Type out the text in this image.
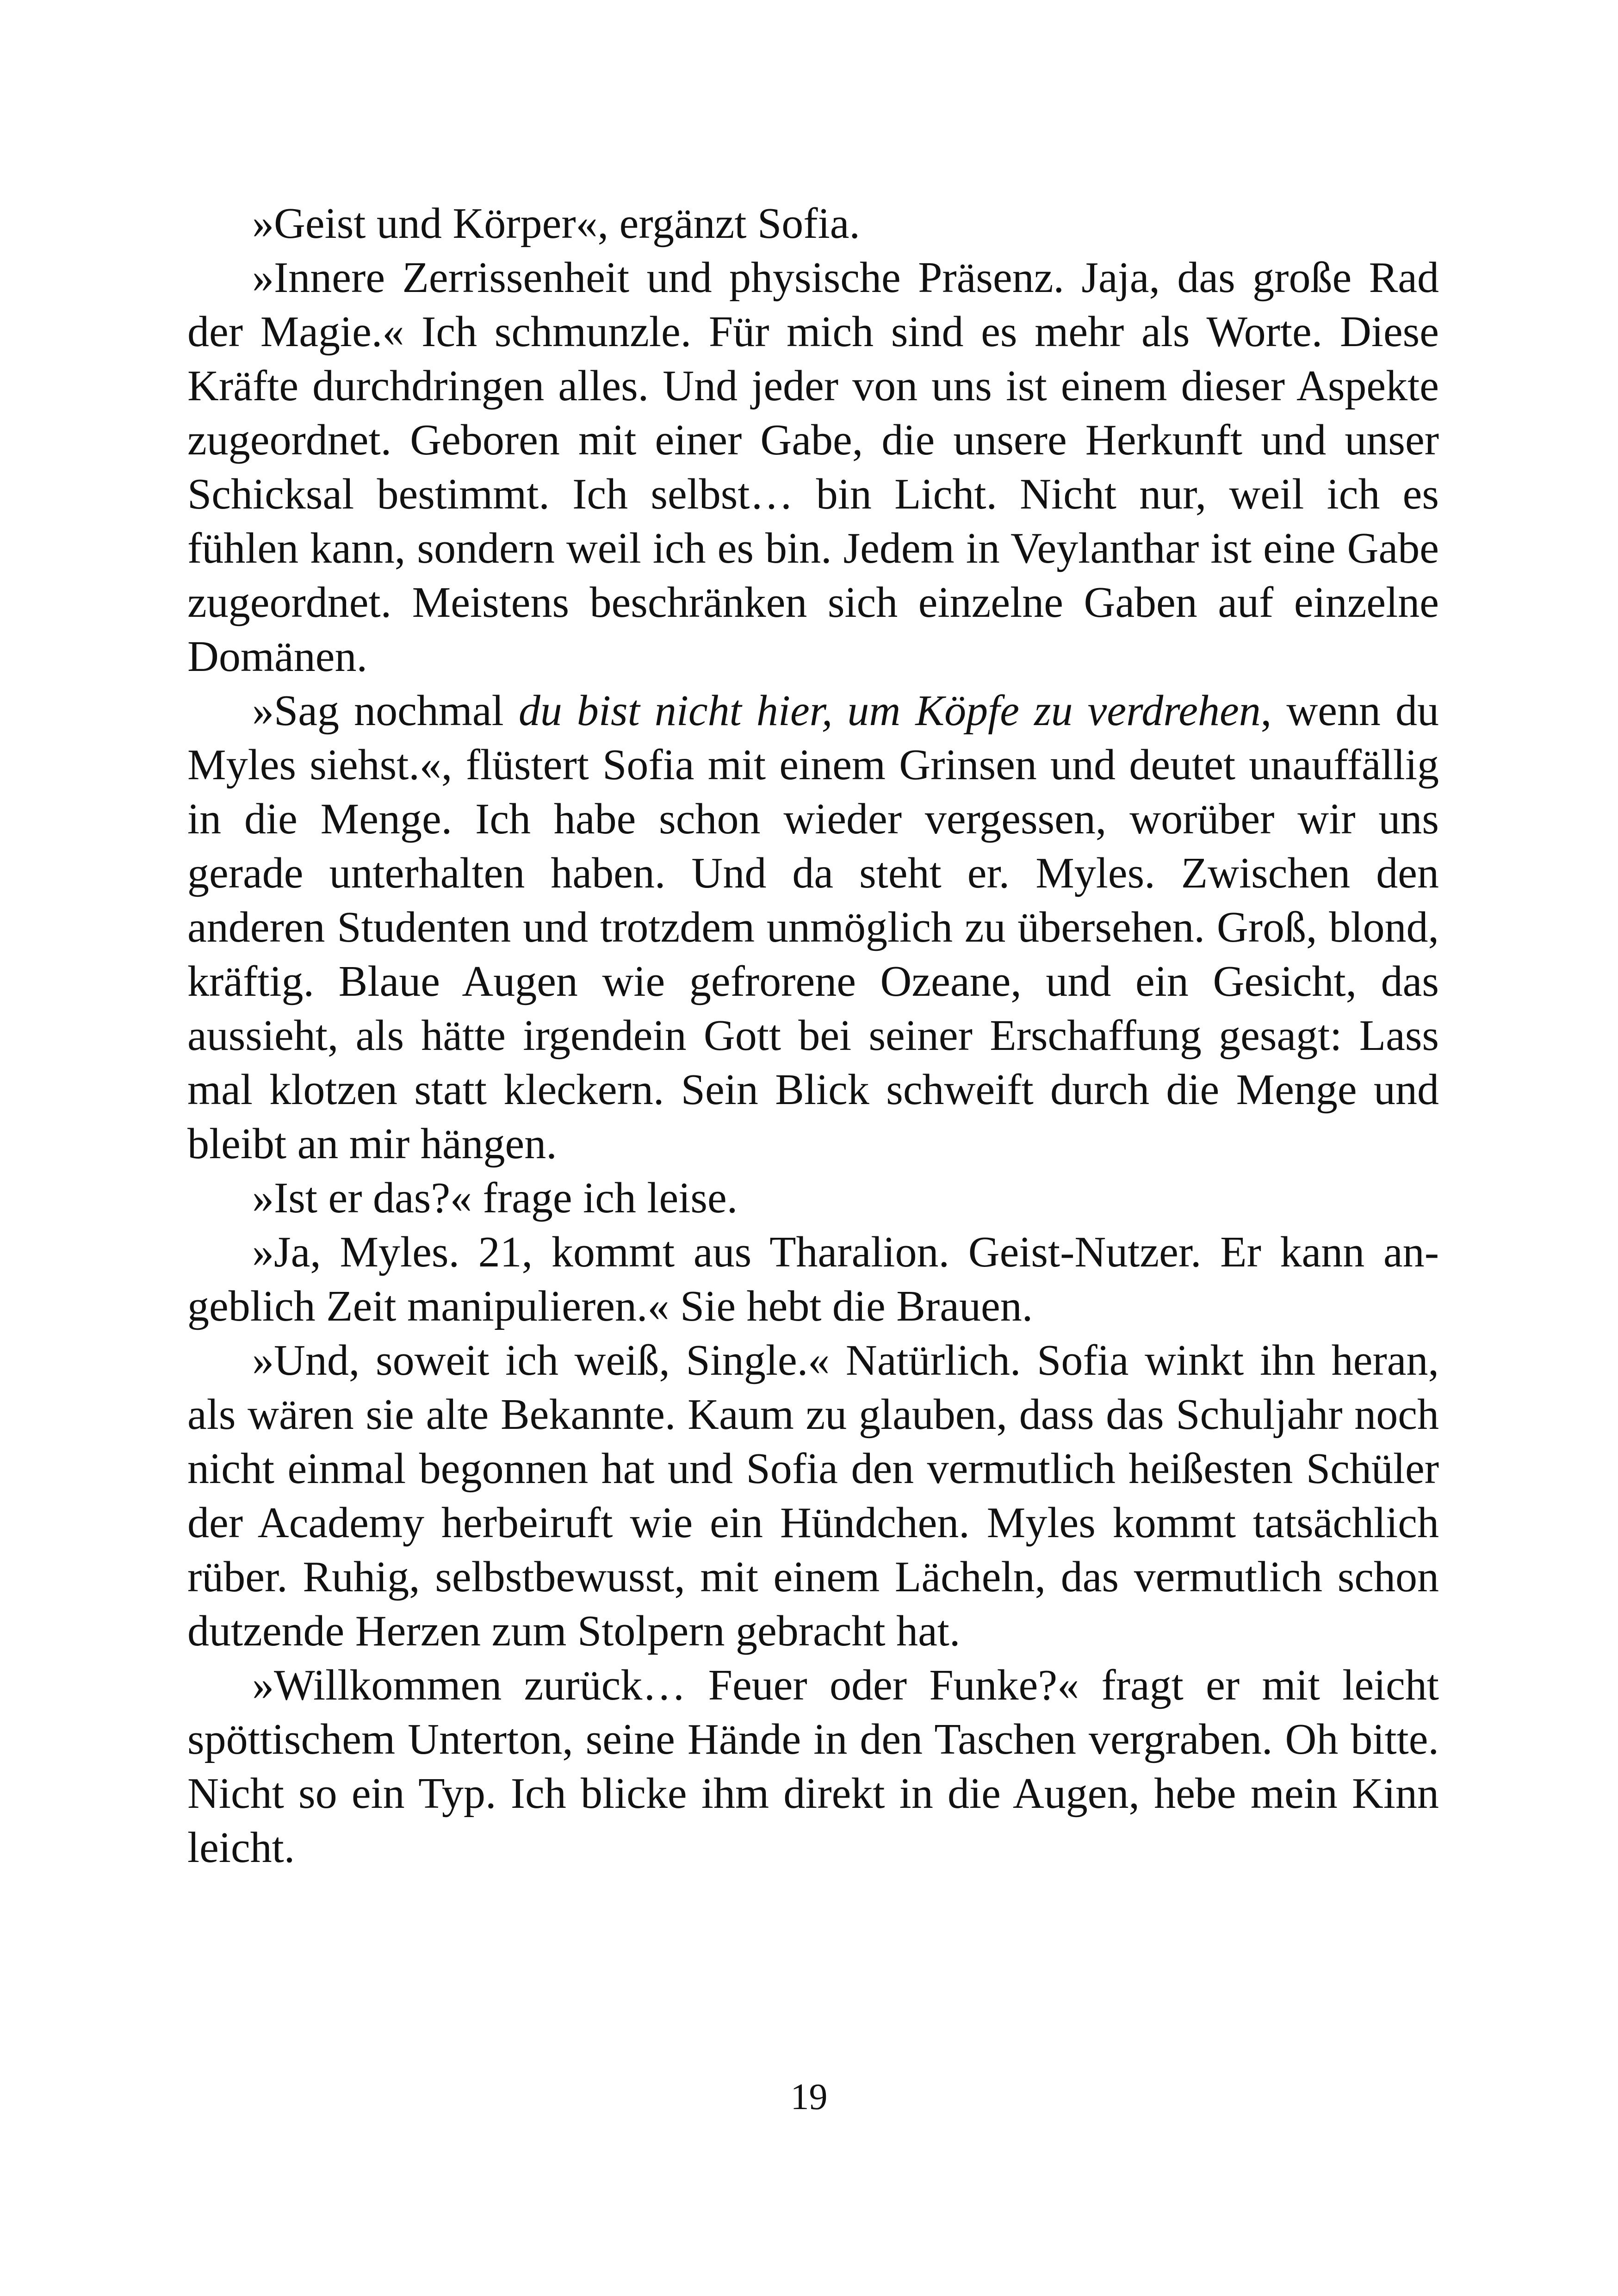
»Geist und Körper«, ergänzt Sofia.

»Innere Zerrissenheit und physische Präsenz. Jaja, das große Rad der Magie.« Ich schmunzle. Für mich sind es mehr als Worte. Diese Kräfte durchdringen alles. Und jeder von uns ist einem dieser Aspekte zugeordnet. Geboren mit einer Gabe, die unsere Herkunft und unser Schicksal bestimmt. Ich selbst… bin Licht. Nicht nur, weil ich es fühlen kann, sondern weil ich es bin. Jedem in Veylanthar ist eine Gabe zugeordnet. Meistens beschränken sich einzelne Gaben auf einzelne Domänen.

»Sag nochmal du bist nicht hier, um Köpfe zu verdrehen, wenn du Myles siehst.«, flüstert Sofia mit einem Grinsen und deutet unauffällig in die Menge. Ich habe schon wieder vergessen, worüber wir uns gerade unterhalten haben. Und da steht er. Myles. Zwischen den anderen Studenten und trotzdem unmöglich zu übersehen. Groß, blond, kräftig. Blaue Augen wie gefrorene Ozeane, und ein Gesicht, das aussieht, als hätte irgendein Gott bei seiner Erschaffung gesagt: Lass mal klotzen statt kleckern. Sein Blick schweift durch die Menge und bleibt an mir hängen.

»Ist er das?« frage ich leise.

»Ja, Myles. 21, kommt aus Tharalion. Geist-Nutzer. Er kann angeblich Zeit manipulieren.« Sie hebt die Brauen.

»Und, soweit ich weiß, Single.« Natürlich. Sofia winkt ihn heran, als wären sie alte Bekannte. Kaum zu glauben, dass das Schuljahr noch nicht einmal begonnen hat und Sofia den vermutlich heißesten Schüler der Academy herbeiruft wie ein Hündchen. Myles kommt tatsächlich rüber. Ruhig, selbstbewusst, mit einem Lächeln, das vermutlich schon dutzende Herzen zum Stolpern gebracht hat.

»Willkommen zurück… Feuer oder Funke?« fragt er mit leicht spöttischem Unterton, seine Hände in den Taschen vergraben. Oh bitte. Nicht so ein Typ. Ich blicke ihm direkt in die Augen, hebe mein Kinn leicht.

19
